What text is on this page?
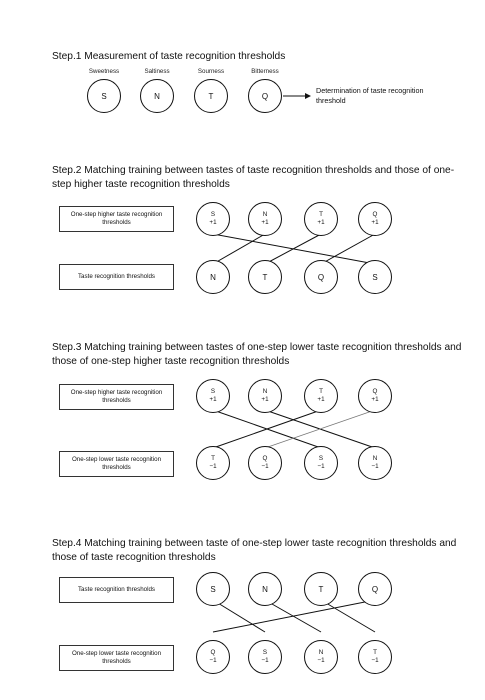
Step.1 Measurement of taste recognition thresholds

Sweetness	Saltiness	Sourness	Bitterness
S	N	T	Q
Determination of taste recognition threshold

Step.2 Matching training between tastes of taste recognition thresholds and those of one-step higher taste recognition thresholds

One-step higher taste recognition thresholds
Taste recognition thresholds
S
+1
N
+1
T
+1
Q
+1
N	T	Q	S

Step.3 Matching training between tastes of one-step lower taste recognition thresholds and those of one-step higher taste recognition thresholds

One-step higher taste recognition thresholds
One-step lower taste recognition thresholds
S
+1
N
+1
T
+1
Q
+1
T
−1
Q
−1
S
−1
N
−1

Step.4 Matching training between taste of one-step lower taste recognition thresholds and those of taste recognition thresholds

Taste recognition thresholds
One-step lower taste recognition thresholds
S	N	T	Q
Q
−1
S
−1
N
−1
T
−1
